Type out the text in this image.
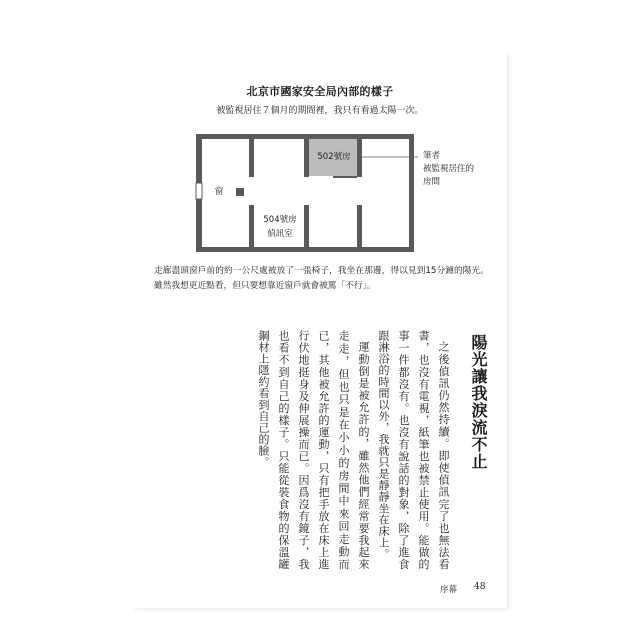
北京市國家安全局內部的樣子
被監視居住７個月的期間裡，我只有看過太陽一次。
502號房
窗
504號房
偵訊室
筆者
被監視居住的
房間
走廊盡頭窗戶前的約一公尺處被放了一張椅子，我坐在那邊，得以見到15分鐘的陽光。雖然我想更近點看，但只要想靠近窗戶就會被罵「不行」。
陽光讓我淚流不止

之後偵訊仍然持續。即使偵訊完了也無法看書，也沒有電視，紙筆也被禁止使用。能做的事一件都沒有。也沒有說話的對象，除了進食跟淋浴的時間以外，我就只是靜靜坐在床上。

運動倒是被允許的，雖然他們經常要我起來走走，但也只是在小小的房間中來回走動而已，其他被允許的運動，只有把手放在床上進行伏地挺身及伸展操而已。因爲沒有鏡子，我也看不到自己的樣子。只能從裝食物的保溫罐鋼材上隱約看到自己的臉。

序幕 48
